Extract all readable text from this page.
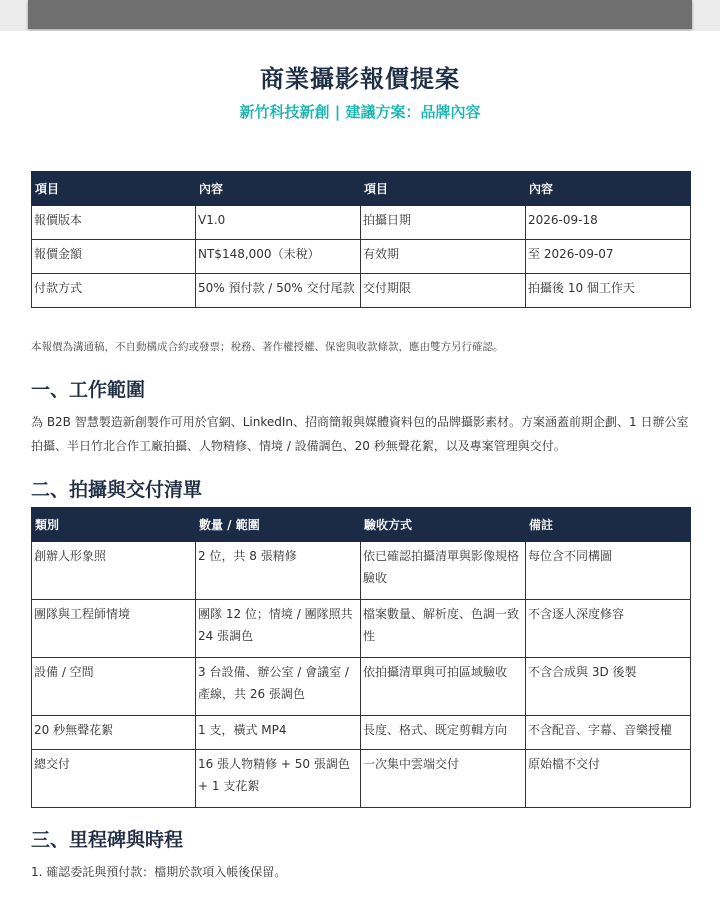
商業攝影報價提案
新竹科技新創 | 建議方案：品牌內容
項目	內容	項目	內容
報價版本	V1.0	拍攝日期	2026-09-18
報價金額	NT$148,000（未稅）	有效期	至 2026-09-07
付款方式	50% 預付款 / 50% 交付尾款	交付期限	拍攝後 10 個工作天
本報價為溝通稿，不自動構成合約或發票；稅務、著作權授權、保密與收款條款，應由雙方另行確認。
一、工作範圍
為 B2B 智慧製造新創製作可用於官網、LinkedIn、招商簡報與媒體資料包的品牌攝影素材。方案涵蓋前期企劃、1 日辦公室拍攝、半日竹北合作工廠拍攝、人物精修、情境 / 設備調色、20 秒無聲花絮，以及專案管理與交付。
二、拍攝與交付清單
類別	數量 / 範圍	驗收方式	備註
創辦人形象照	2 位，共 8 張精修	依已確認拍攝清單與影像規格驗收	每位含不同構圖
團隊與工程師情境	團隊 12 位；情境 / 團隊照共 24 張調色	檔案數量、解析度、色調一致性	不含逐人深度修容
設備 / 空間	3 台設備、辦公室 / 會議室 / 產線，共 26 張調色	依拍攝清單與可拍區域驗收	不含合成與 3D 後製
20 秒無聲花絮	1 支，橫式 MP4	長度、格式、既定剪輯方向	不含配音、字幕、音樂授權
總交付	16 張人物精修 + 50 張調色 + 1 支花絮	一次集中雲端交付	原始檔不交付
三、里程碑與時程
1. 確認委託與預付款：檔期於款項入帳後保留。
